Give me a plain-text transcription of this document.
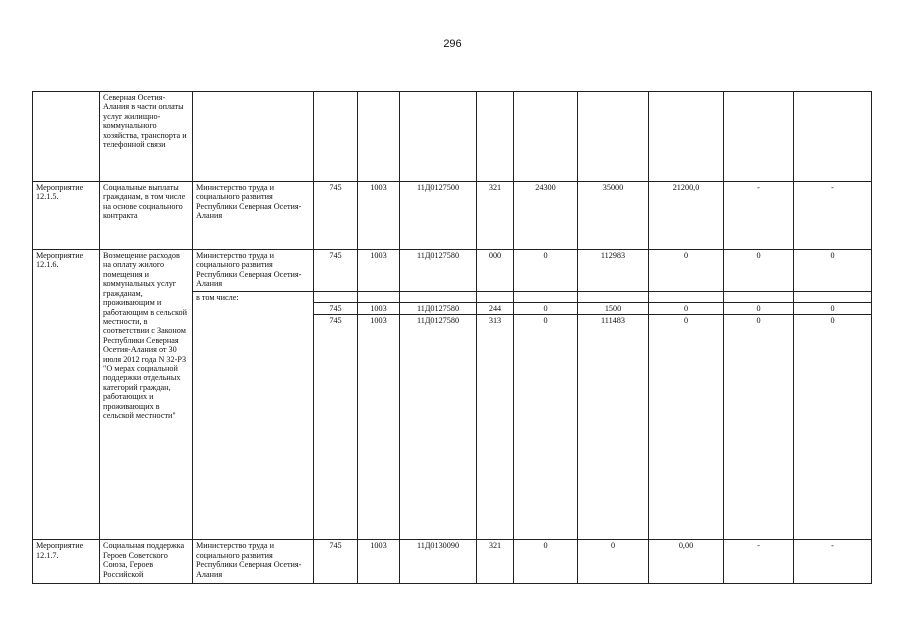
296
	Северная Осетия-Алания в части оплаты услуг жилищно-коммунального хозяйства, транспорта и телефонной связи										
Мероприятие 12.1.5.	Социальные выплаты гражданам, в том числе на основе социального контракта	Министерство труда и социального развития Республики Северная Осетия-Алания	745	1003	11Д0127500	321	24300	35000	21200,0	-	-
Мероприятие 12.1.6.	Возмещение расходов на оплату жилого помещения и коммунальных услуг гражданам, проживающим и работающим в сельской местности, в соответствии с Законом Республики Северная Осетия-Алания от 30 июля 2012 года N 32-РЗ "О мерах социальной поддержки отдельных категорий граждан, работающих и проживающих в сельской местности"	Министерство труда и социального развития Республики Северная Осетия-Алания	745	1003	11Д0127580	000	0	112983	0	0	0
		в том числе:									
			745	1003	11Д0127580	244	0	1500	0	0	0
			745	1003	11Д0127580	313	0	111483	0	0	0
Мероприятие 12.1.7.	Социальная поддержка Героев Советского Союза, Героев Российской	Министерство труда и социального развития Республики Северная Осетия-Алания	745	1003	11Д0130090	321	0	0	0,00	-	-
